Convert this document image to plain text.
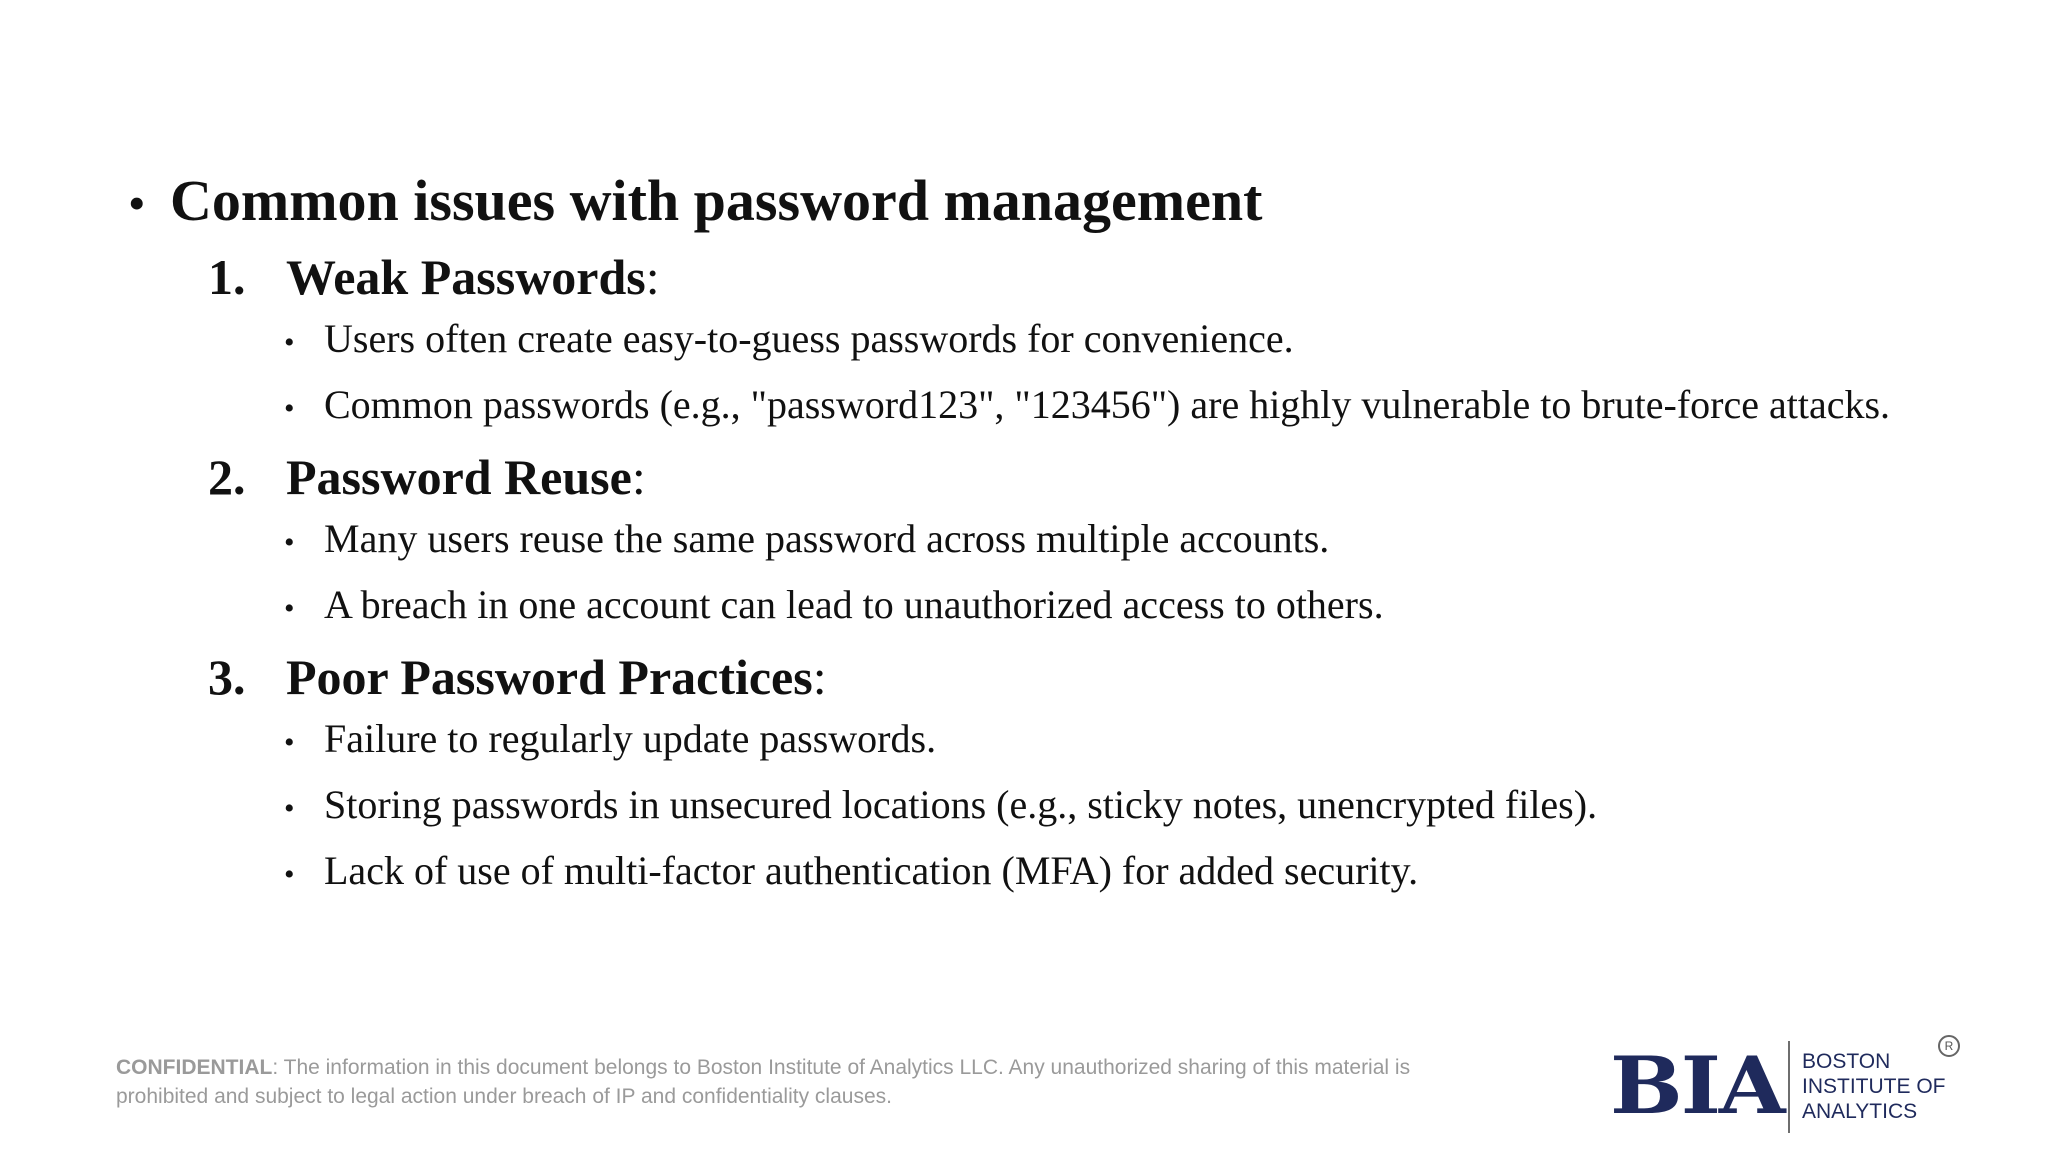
• Common issues with password management
1. Weak Passwords :
• Users often create easy-to-guess passwords for convenience.
• Common passwords (e.g., "password123", "123456") are highly vulnerable to brute-force attacks.
2. Password Reuse :
• Many users reuse the same password across multiple accounts.
• A breach in one account can lead to unauthorized access to others.
3. Poor Password Practices :
• Failure to regularly update passwords.
• Storing passwords in unsecured locations (e.g., sticky notes, unencrypted files).
• Lack of use of multi-factor authentication (MFA) for added security.
CONFIDENTIAL: The information in this document belongs to Boston Institute of Analytics LLC. Any unauthorized sharing of this material is prohibited and subject to legal action under breach of IP and confidentiality clauses.	BIA BOSTON
INSTITUTE OF
ANALYTICS
R
